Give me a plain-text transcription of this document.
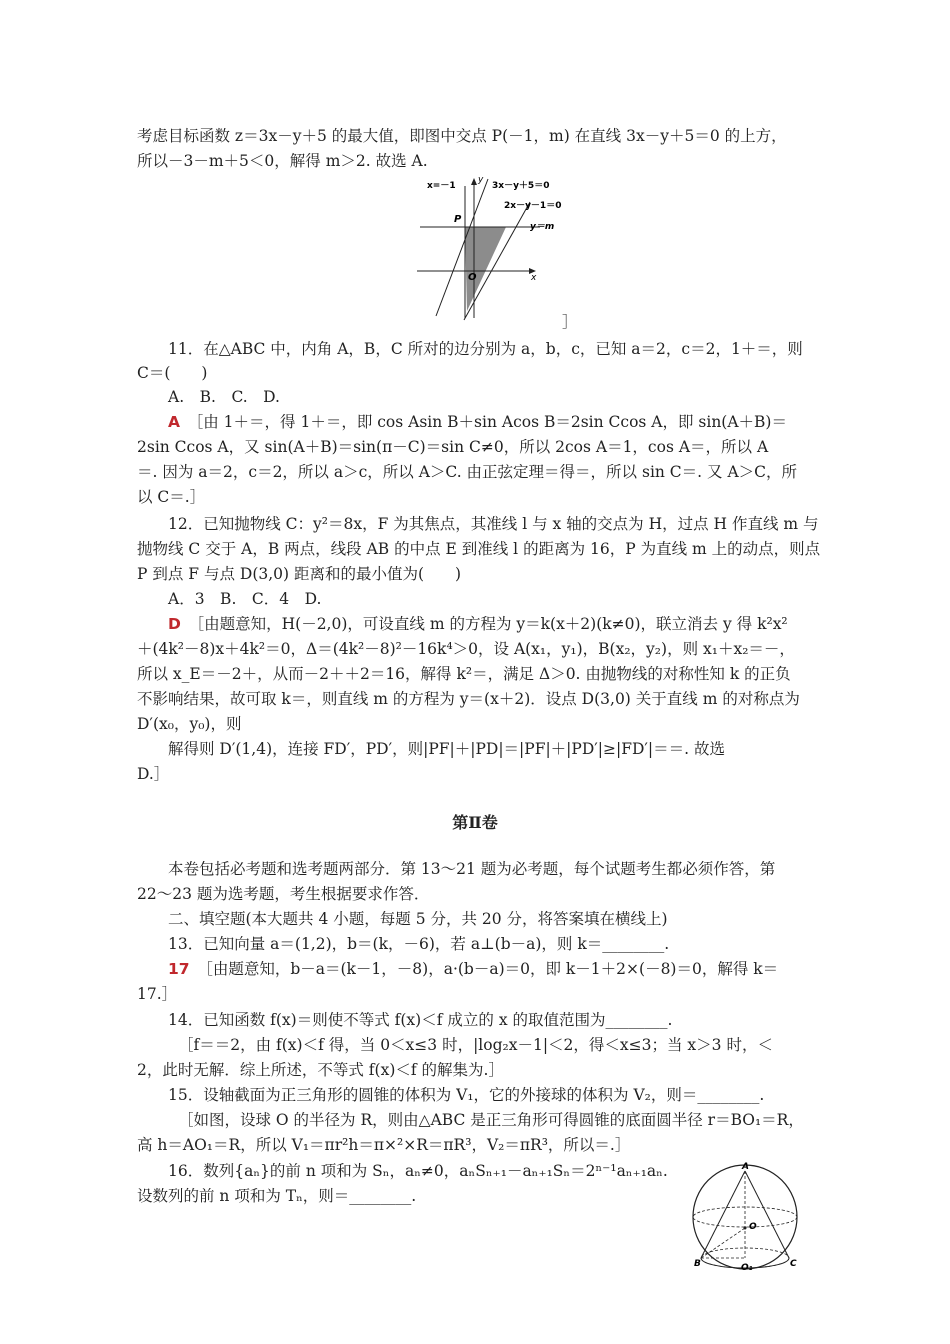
考虑目标函数 z＝3x－y＋5 的最大值，即图中交点 P(－1，m) 在直线 3x－y＋5＝0 的上方，
所以－3－m＋5＜0，解得 m＞2. 故选 A.
］
11．在△ABC 中，内角 A，B，C 所对的边分别为 a，b，c，已知 a＝2，c＝2，1＋＝，则
C＝(　　)
A.　B.　C.　D.
2sin Ccos A，又 sin(A＋B)＝sin(π－C)＝sin C≠0，所以 2cos A＝1，cos A＝，所以 A
＝. 因为 a＝2，c＝2，所以 a＞c，所以 A＞C. 由正弦定理＝得＝，所以 sin C＝. 又 A＞C，所
以 C＝.］
12．已知抛物线 C：y²＝8x，F 为其焦点，其准线 l 与 x 轴的交点为 H，过点 H 作直线 m 与
抛物线 C 交于 A，B 两点，线段 AB 的中点 E 到准线 l 的距离为 16，P 为直线 m 上的动点，则点
P 到点 F 与点 D(3,0) 距离和的最小值为(　　)
A．3　B.　C．4　D.
＋(4k²－8)x＋4k²＝0，Δ＝(4k²－8)²－16k⁴＞0，设 A(x₁，y₁)，B(x₂，y₂)，则 x₁＋x₂＝－，
所以 x_E＝－2＋，从而－2＋＋2＝16，解得 k²＝，满足 Δ＞0. 由抛物线的对称性知 k 的正负
不影响结果，故可取 k＝，则直线 m 的方程为 y＝(x＋2)．设点 D(3,0) 关于直线 m 的对称点为
D′(x₀，y₀)，则
解得则 D′(1,4)，连接 FD′，PD′，则|PF|＋|PD|＝|PF|＋|PD′|≥|FD′|＝＝. 故选
D.］
本卷包括必考题和选考题两部分．第 13～21 题为必考题，每个试题考生都必须作答，第
22～23 题为选考题，考生根据要求作答．
二、填空题(本大题共 4 小题，每题 5 分，共 20 分，将答案填在横线上)
13．已知向量 a＝(1,2)，b＝(k，－6)，若 a⊥(b－a)，则 k＝________.
17.］
14．已知函数 f(x)＝则使不等式 f(x)＜f 成立的 x 的取值范围为________.
［f＝＝2，由 f(x)＜f 得，当 0＜x≤3 时，|log₂x－1|＜2，得＜x≤3；当 x＞3 时，＜
2，此时无解．综上所述，不等式 f(x)＜f 的解集为.］
15．设轴截面为正三角形的圆锥的体积为 V₁，它的外接球的体积为 V₂，则＝________.
［如图，设球 O 的半径为 R，则由△ABC 是正三角形可得圆锥的底面圆半径 r＝BO₁＝R，
高 h＝AO₁＝R，所以 V₁＝πr²h＝π×²×R＝πR³，V₂＝πR³，所以＝.］
16．数列{aₙ}的前 n 项和为 Sₙ，aₙ≠0，aₙSₙ₊₁－aₙ₊₁Sₙ＝2ⁿ⁻¹aₙ₊₁aₙ.
设数列的前 n 项和为 Tₙ，则＝________.
A  ［由 1＋＝，得 1＋＝，即 cos Asin B＋sin Acos B＝2sin Ccos A，即 sin(A＋B)＝
D  ［由题意知，H(－2,0)，可设直线 m 的方程为 y＝k(x＋2)(k≠0)，联立消去 y 得 k²x²
17  ［由题意知，b－a＝(k－1，－8)，a·(b－a)＝0，即 k－1＋2×(－8)＝0，解得 k＝
第Ⅱ卷
x=－1
y
3x－y＋5＝0
2x－y－1＝0
y＝m
P
O	x
A
O
B	O₁	C
